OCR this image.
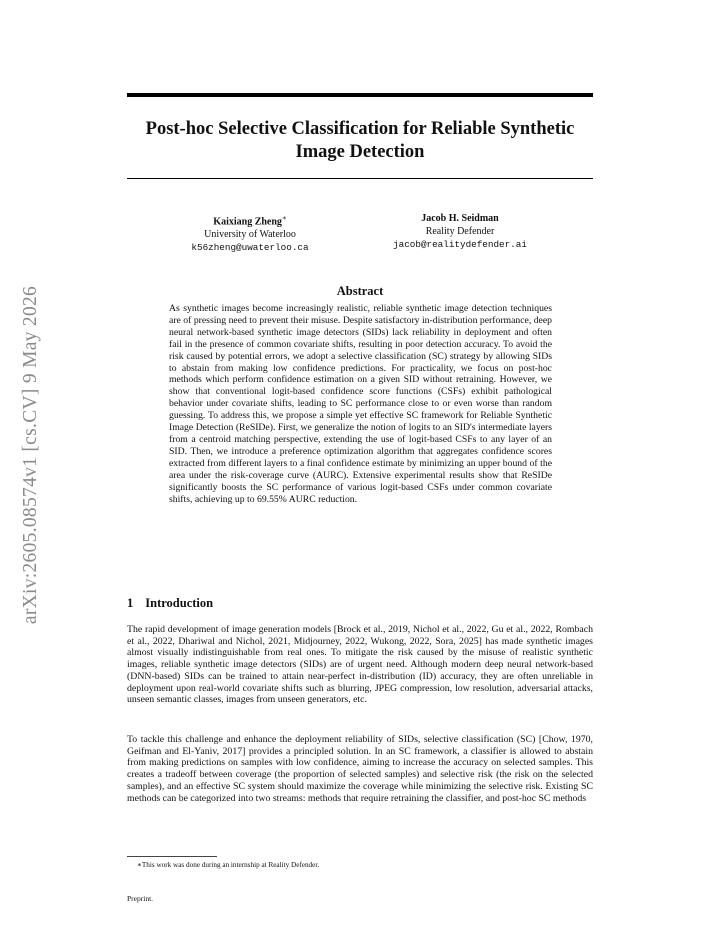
Post-hoc Selective Classification for Reliable Synthetic Image Detection
arXiv:2605.08574v1 [cs.CV] 9 May 2026
Kaixiang Zheng∗
University of Waterloo
k56zheng@uwaterloo.ca
Jacob H. Seidman
Reality Defender
jacob@realitydefender.ai
Abstract
As synthetic images become increasingly realistic, reliable synthetic image detection techniques are of pressing need to prevent their misuse. Despite satisfactory in-distribution performance, deep neural network-based synthetic image detectors (SIDs) lack reliability in deployment and often fail in the presence of common covariate shifts, resulting in poor detection accuracy. To avoid the risk caused by potential errors, we adopt a selective classification (SC) strategy by allowing SIDs to abstain from making low confidence predictions. For practicality, we focus on post-hoc methods which perform confidence estimation on a given SID without retraining. However, we show that conventional logit-based confidence score functions (CSFs) exhibit pathological behavior under covariate shifts, leading to SC performance close to or even worse than random guessing. To address this, we propose a simple yet effective SC framework for Reliable Synthetic Image Detection (ReSIDe). First, we generalize the notion of logits to an SID's intermediate layers from a centroid matching perspective, extending the use of logit-based CSFs to any layer of an SID. Then, we introduce a preference optimization algorithm that aggregates confidence scores extracted from different layers to a final confidence estimate by minimizing an upper bound of the area under the risk-coverage curve (AURC). Extensive experimental results show that ReSIDe significantly boosts the SC performance of various logit-based CSFs under common covariate shifts, achieving up to 69.55% AURC reduction.
1 Introduction
The rapid development of image generation models [Brock et al., 2019, Nichol et al., 2022, Gu et al., 2022, Rombach et al., 2022, Dhariwal and Nichol, 2021, Midjourney, 2022, Wukong, 2022, Sora, 2025] has made synthetic images almost visually indistinguishable from real ones. To mitigate the risk caused by the misuse of realistic synthetic images, reliable synthetic image detectors (SIDs) are of urgent need. Although modern deep neural network-based (DNN-based) SIDs can be trained to attain near-perfect in-distribution (ID) accuracy, they are often unreliable in deployment upon real-world covariate shifts such as blurring, JPEG compression, low resolution, adversarial attacks, unseen semantic classes, images from unseen generators, etc.
To tackle this challenge and enhance the deployment reliability of SIDs, selective classification (SC) [Chow, 1970, Geifman and El-Yaniv, 2017] provides a principled solution. In an SC framework, a classifier is allowed to abstain from making predictions on samples with low confidence, aiming to increase the accuracy on selected samples. This creates a tradeoff between coverage (the proportion of selected samples) and selective risk (the risk on the selected samples), and an effective SC system should maximize the coverage while minimizing the selective risk. Existing SC methods can be categorized into two streams: methods that require retraining the classifier, and post-hoc SC methods
∗This work was done during an internship at Reality Defender.
Preprint.
